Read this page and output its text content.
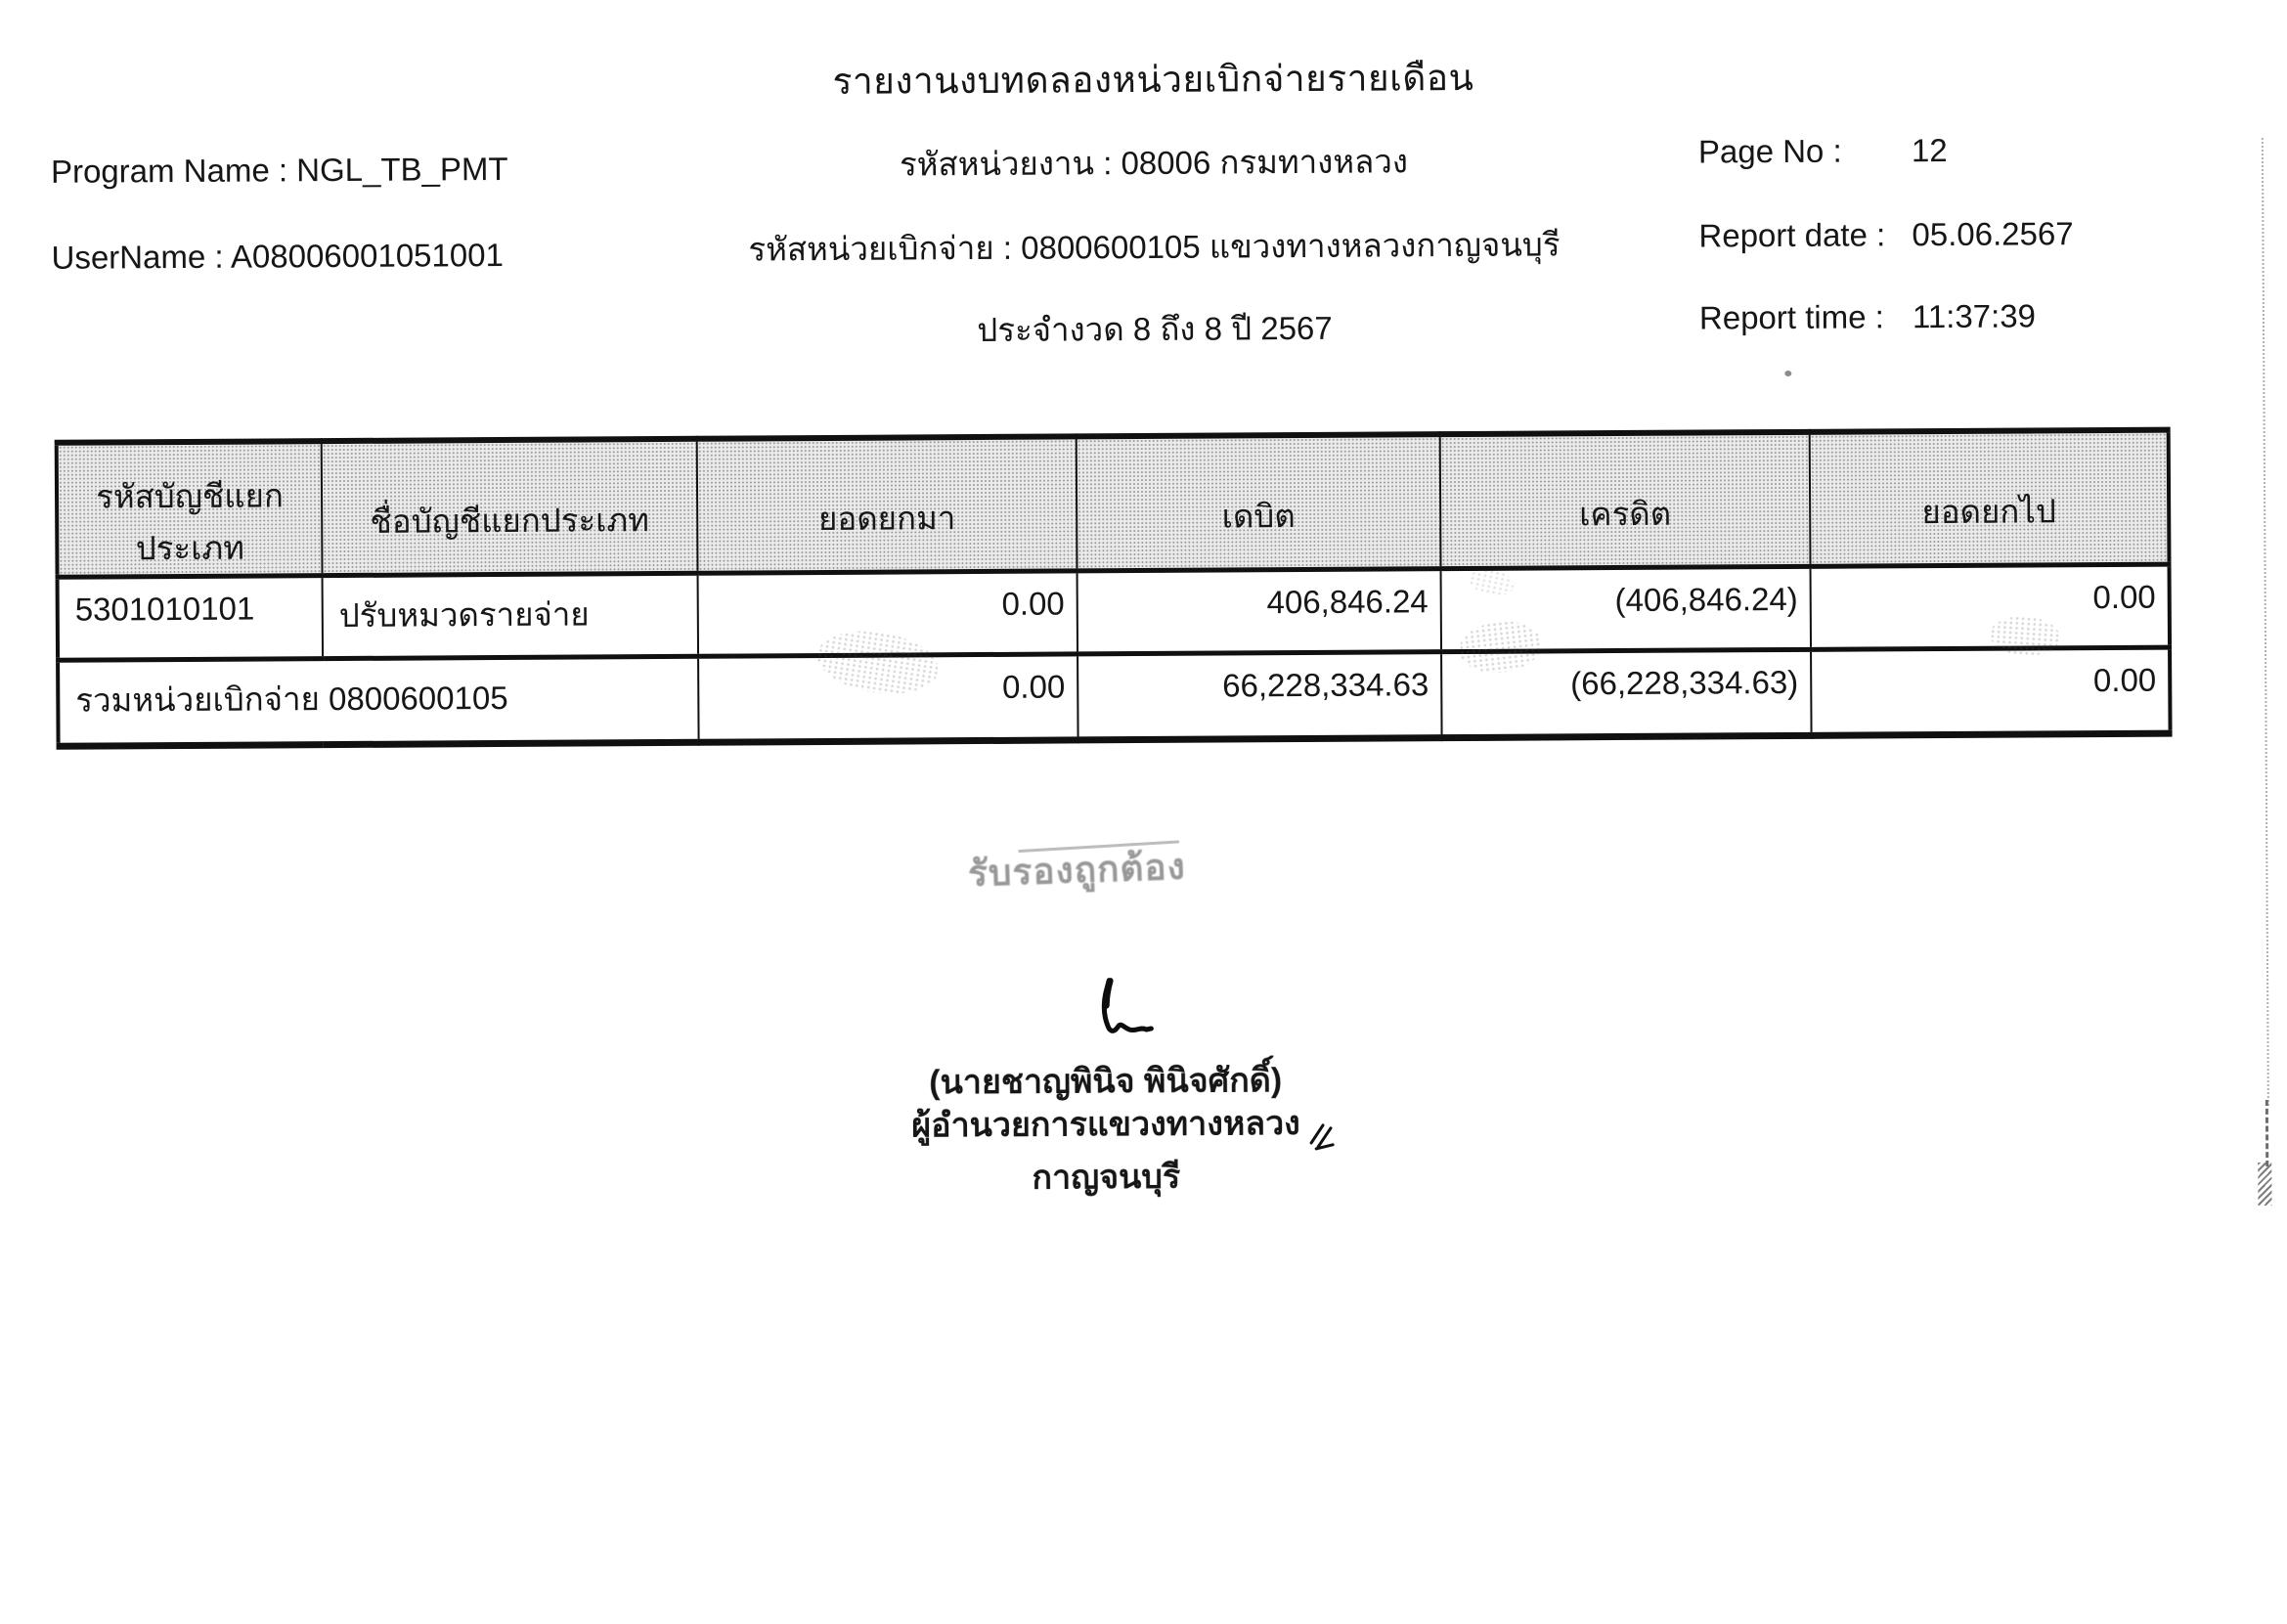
รายงานงบทดลองหน่วยเบิกจ่ายรายเดือน
Program Name : NGL_TB_PMT
UserName : A08006001051001
รหัสหน่วยงาน : 08006 กรมทางหลวง
รหัสหน่วยเบิกจ่าย : 0800600105 แขวงทางหลวงกาญจนบุรี
ประจำงวด 8 ถึง 8 ปี 2567
Page No : 12
Report date : 05.06.2567
Report time : 11:37:39
รหัสบัญชีแยกประเภท	ชื่อบัญชีแยกประเภท	ยอดยกมา	เดบิต	เครดิต	ยอดยกไป
5301010101	ปรับหมวดรายจ่าย	0.00	406,846.24	(406,846.24)	0.00
รวมหน่วยเบิกจ่าย 0800600105		0.00	66,228,334.63	(66,228,334.63)	0.00
รับรองถูกต้อง
(นายชาญพินิจ พินิจศักดิ์)
ผู้อำนวยการแขวงทางหลวงกาญจนบุรี
